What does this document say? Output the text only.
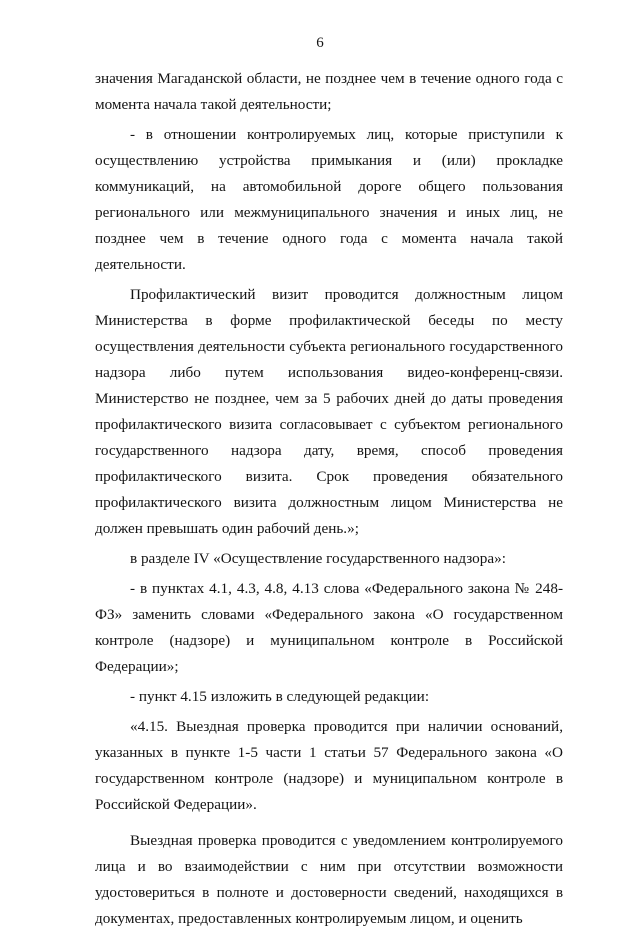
6

значения Магаданской области, не позднее чем в течение одного года с момента начала такой деятельности;

- в отношении контролируемых лиц, которые приступили к осуществлению устройства примыкания и (или) прокладке коммуникаций, на автомобильной дороге общего пользования регионального или межмуниципального значения и иных лиц, не позднее чем в течение одного года с момента начала такой деятельности.

Профилактический визит проводится должностным лицом Министерства в форме профилактической беседы по месту осуществления деятельности субъекта регионального государственного надзора либо путем использования видео-конференц-связи. Министерство не позднее, чем за 5 рабочих дней до даты проведения профилактического визита согласовывает с субъектом регионального государственного надзора дату, время, способ проведения профилактического визита. Срок проведения обязательного профилактического визита должностным лицом Министерства не должен превышать один рабочий день.»;

в разделе IV «Осуществление государственного надзора»:

- в пунктах 4.1, 4.3, 4.8, 4.13 слова «Федерального закона № 248-ФЗ» заменить словами «Федерального закона «О государственном контроле (надзоре) и муниципальном контроле в Российской Федерации»;

- пункт 4.15 изложить в следующей редакции:

«4.15. Выездная проверка проводится при наличии оснований, указанных в пункте 1-5 части 1 статьи 57 Федерального закона «О государственном контроле (надзоре) и муниципальном контроле в Российской Федерации».

Выездная проверка проводится с уведомлением контролируемого лица и во взаимодействии с ним при отсутствии возможности удостовериться в полноте и достоверности сведений, находящихся в документах, предоставленных контролируемым лицом, и оценить
